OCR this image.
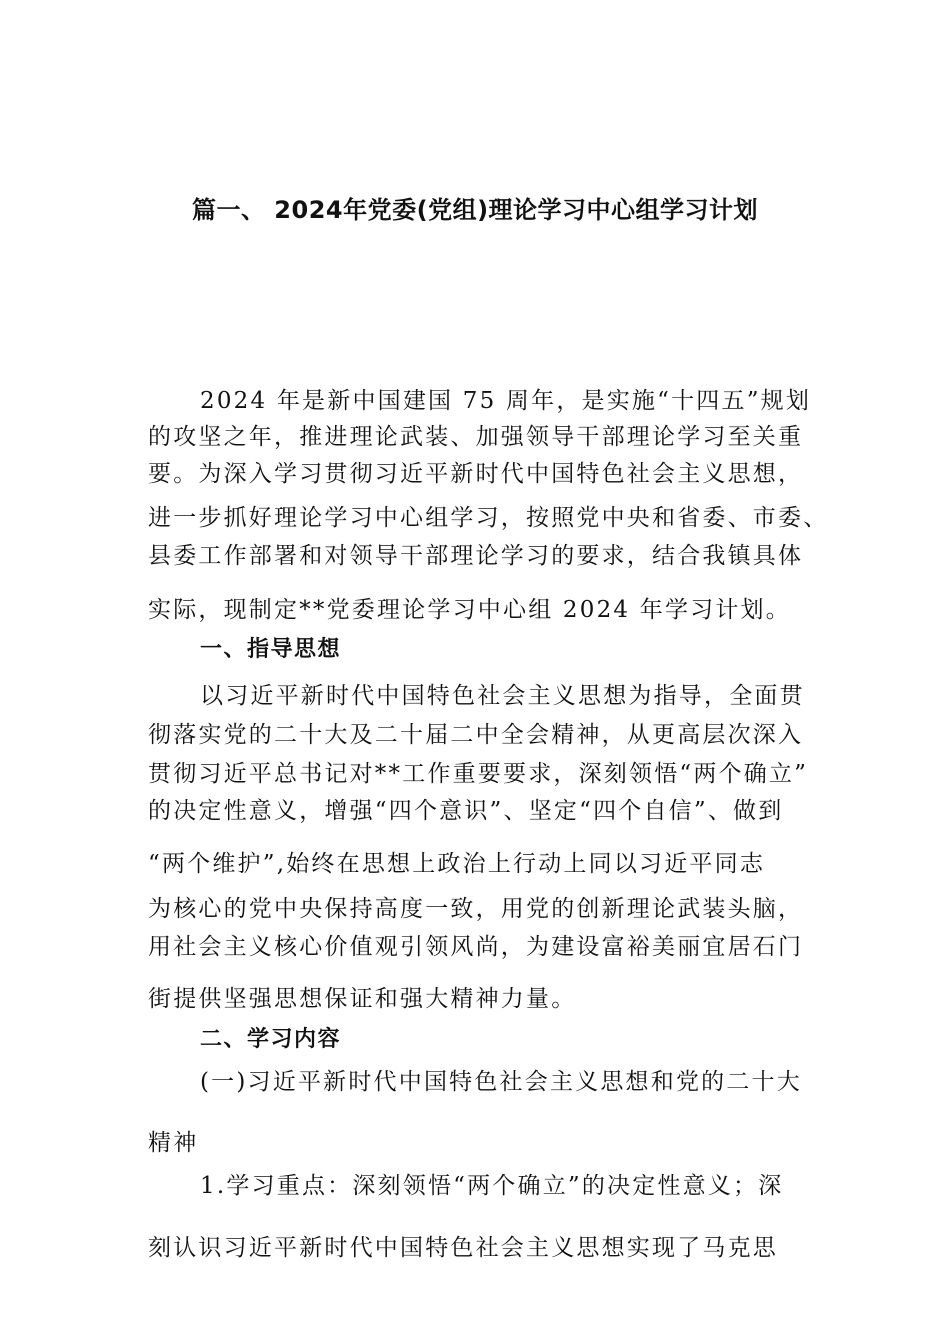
篇一、 2024年党委(党组)理论学习中心组学习计划

2024 年是新中国建国 75 周年，是实施“十四五”规划

的攻坚之年，推进理论武装、加强领导干部理论学习至关重

要。为深入学习贯彻习近平新时代中国特色社会主义思想，

进一步抓好理论学习中心组学习，按照党中央和省委、市委、

县委工作部署和对领导干部理论学习的要求，结合我镇具体

实际，现制定**党委理论学习中心组 2024 年学习计划。

一、指导思想

以习近平新时代中国特色社会主义思想为指导，全面贯

彻落实党的二十大及二十届二中全会精神，从更高层次深入

贯彻习近平总书记对**工作重要要求，深刻领悟“两个确立”

的决定性意义，增强“四个意识”、坚定“四个自信”、做到

“两个维护”,始终在思想上政治上行动上同以习近平同志

为核心的党中央保持高度一致，用党的创新理论武装头脑，

用社会主义核心价值观引领风尚，为建设富裕美丽宜居石门

街提供坚强思想保证和强大精神力量。

二、学习内容

(一)习近平新时代中国特色社会主义思想和党的二十大

精神

1.学习重点：深刻领悟“两个确立”的决定性意义；深

刻认识习近平新时代中国特色社会主义思想实现了马克思
